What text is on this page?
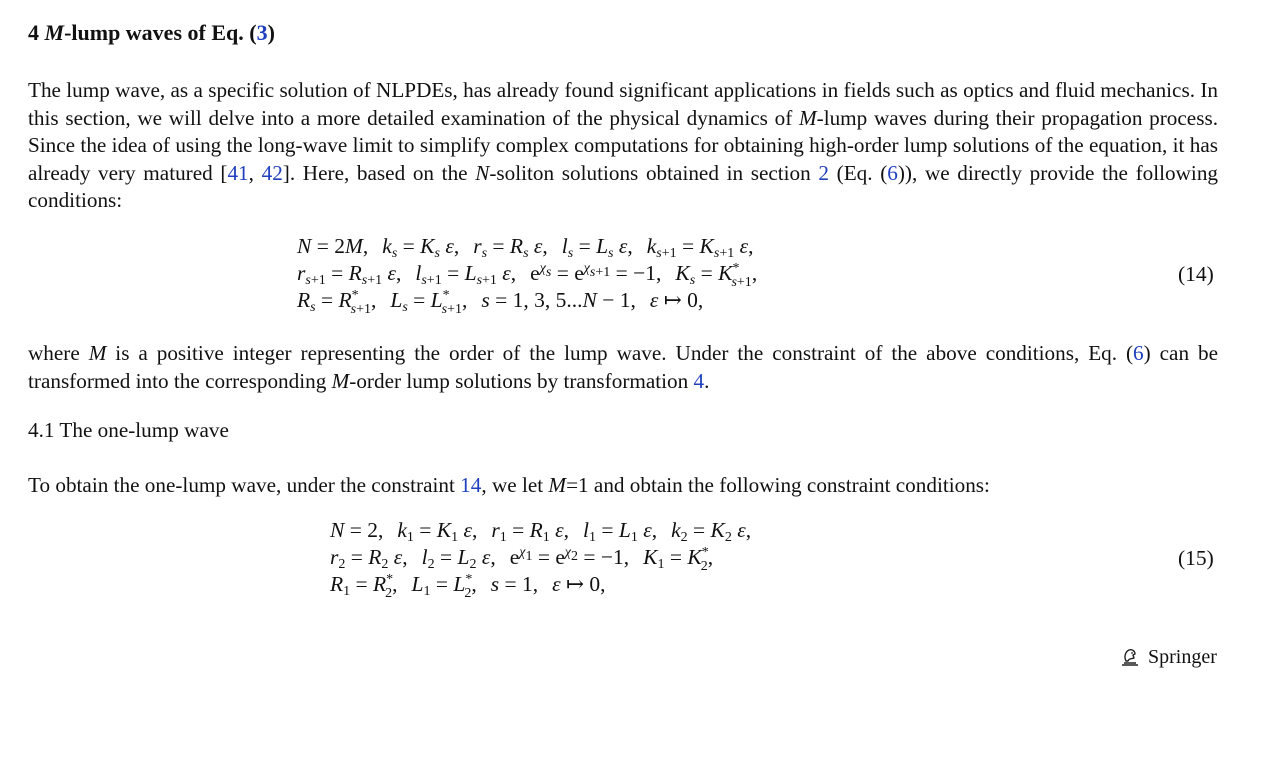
4 M-lump waves of Eq. (3)
The lump wave, as a specific solution of NLPDEs, has already found significant applications in fields such as optics and fluid mechanics. In this section, we will delve into a more detailed examination of the physical dynamics of M-lump waves during their propagation process. Since the idea of using the long-wave limit to simplify complex computations for obtaining high-order lump solutions of the equation, it has already very matured [41, 42]. Here, based on the N-soliton solutions obtained in section 2 (Eq. (6)), we directly provide the following conditions:
(14)
(15)
where M is a positive integer representing the order of the lump wave. Under the constraint of the above conditions, Eq. (6) can be transformed into the corresponding M-order lump solutions by transformation 4.
4.1 The one-lump wave
To obtain the one-lump wave, under the constraint 14, we let M=1 and obtain the following constraint conditions:
Springer
N = 2M, $k_s = K_s$ ε, $r_s = R_s$ ε, $l_s = L_s$ ε, $k_{s+1} = K_{s+1}$ ε,
$r_{s+1} = R_{s+1}$ ε, $l_{s+1} = L_{s+1}$ ε, $e^{\chi_s} = e^{\chi_{s+1}} = -1$, $K_s = K^*_{s+1}$,
$R_s = R^*_{s+1}$, $L_s = L^*_{s+1}$, s = 1, 3, 5...N − 1, ε ↦ 0,
N = 2, $k_1 = K_1$ ε, $r_1 = R_1$ ε, $l_1 = L_1$ ε, $k_2 = K_2$ ε,
$r_2 = R_2$ ε, $l_2 = L_2$ ε, $e^{\chi_1} = e^{\chi_2} = -1$, $K_1 = K^*_2$,
$R_1 = R^*_2$, $L_1 = L^*_2$, s = 1, ε ↦ 0,
